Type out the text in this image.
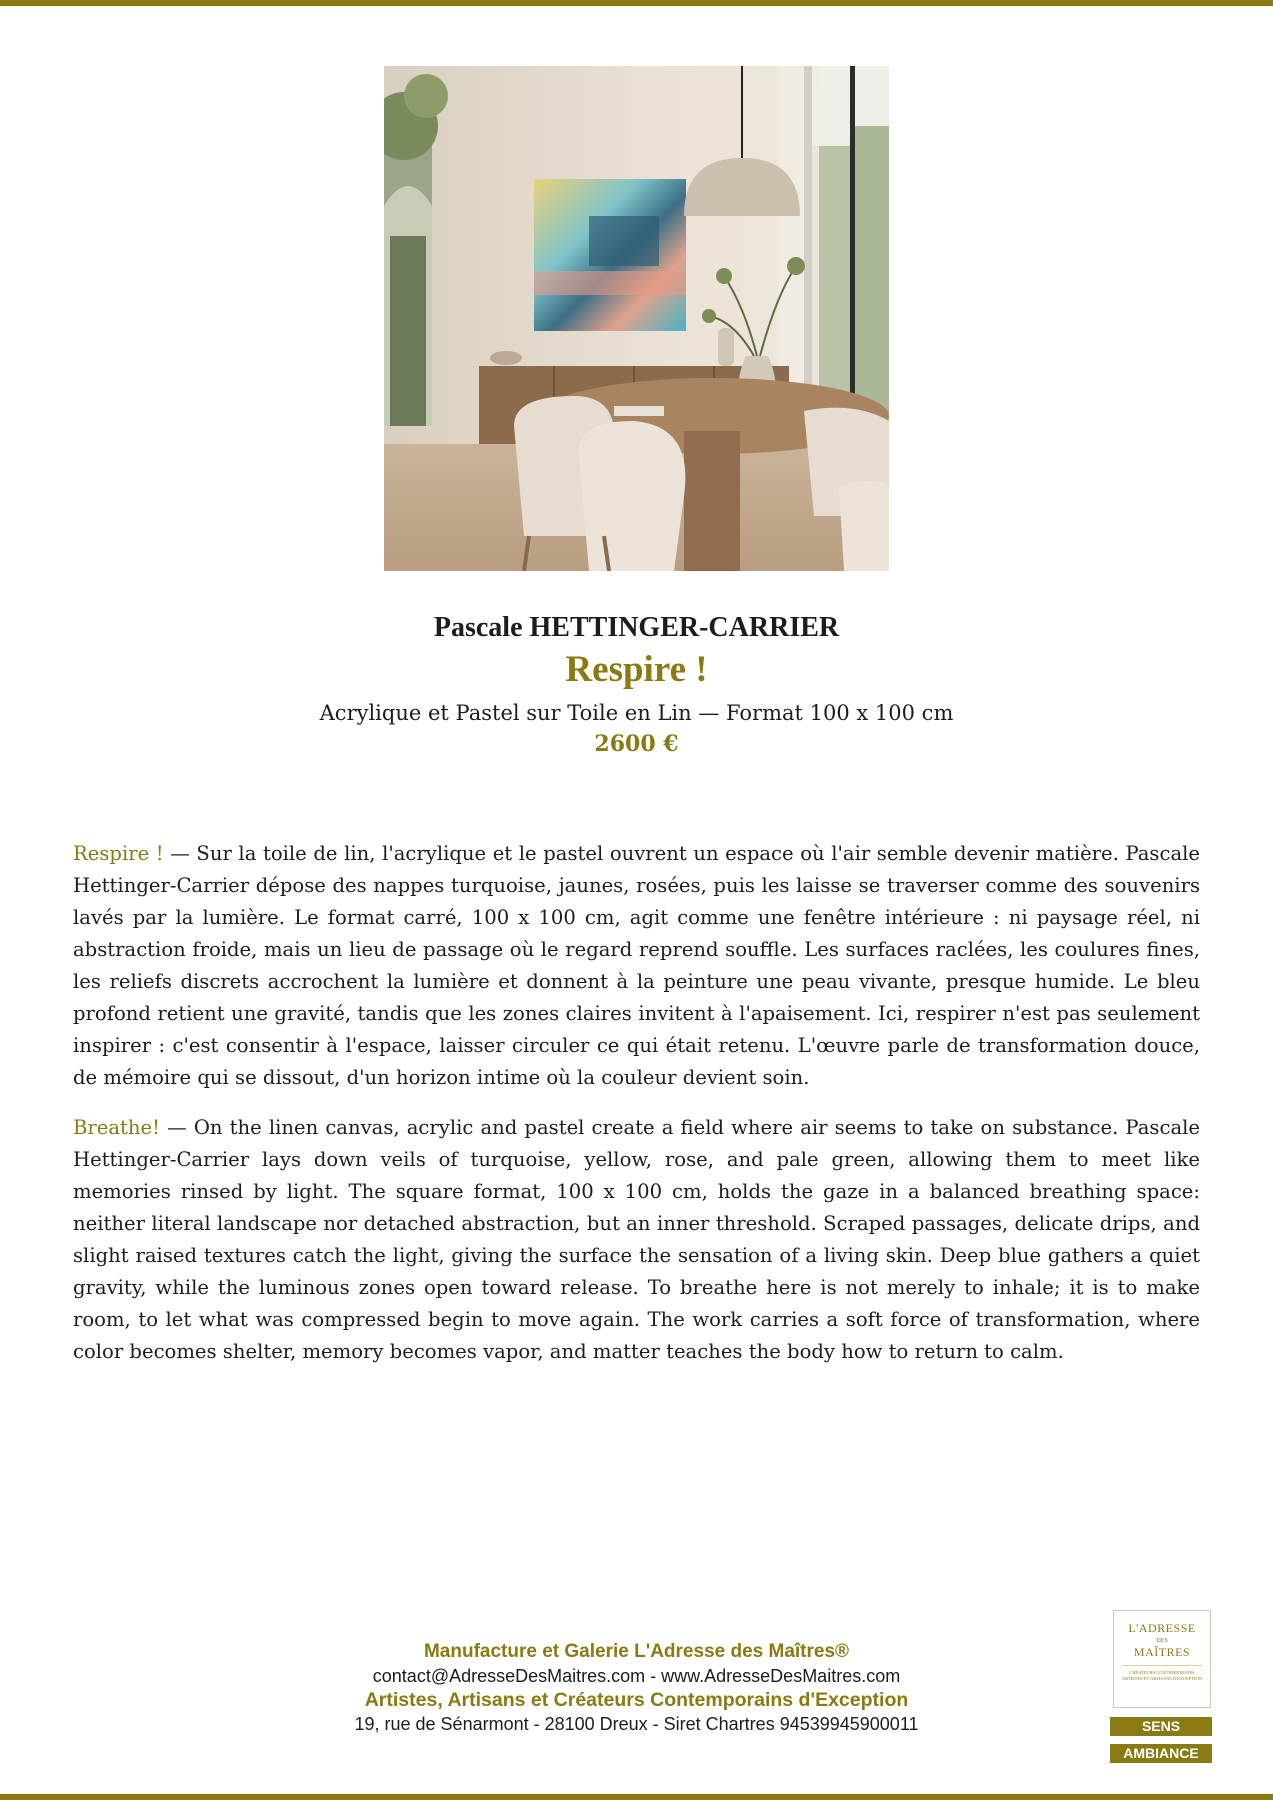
Pascale HETTINGER-CARRIER
Respire !
Acrylique et Pastel sur Toile en Lin — Format 100 x 100 cm
2600 €

Respire ! — Sur la toile de lin, l'acrylique et le pastel ouvrent un espace où l'air semble devenir matière. Pascale Hettinger-Carrier dépose des nappes turquoise, jaunes, rosées, puis les laisse se traverser comme des souvenirs lavés par la lumière. Le format carré, 100 x 100 cm, agit comme une fenêtre intérieure : ni paysage réel, ni abstraction froide, mais un lieu de passage où le regard reprend souffle. Les surfaces raclées, les coulures fines, les reliefs discrets accrochent la lumière et donnent à la peinture une peau vivante, presque humide. Le bleu profond retient une gravité, tandis que les zones claires invitent à l'apaisement. Ici, respirer n'est pas seulement inspirer : c'est consentir à l'espace, laisser circuler ce qui était retenu. L'œuvre parle de transformation douce, de mémoire qui se dissout, d'un horizon intime où la couleur devient soin.

Breathe! — On the linen canvas, acrylic and pastel create a field where air seems to take on substance. Pascale Hettinger-Carrier lays down veils of turquoise, yellow, rose, and pale green, allowing them to meet like memories rinsed by light. The square format, 100 x 100 cm, holds the gaze in a balanced breathing space: neither literal landscape nor detached abstraction, but an inner threshold. Scraped passages, delicate drips, and slight raised textures catch the light, giving the surface the sensation of a living skin. Deep blue gathers a quiet gravity, while the luminous zones open toward release. To breathe here is not merely to inhale; it is to make room, to let what was compressed begin to move again. The work carries a soft force of transformation, where color becomes shelter, memory becomes vapor, and matter teaches the body how to return to calm.

Manufacture et Galerie L'Adresse des Maîtres®
contact@AdresseDesMaitres.com - www.AdresseDesMaitres.com
Artistes, Artisans et Créateurs Contemporains d'Exception
19, rue de Sénarmont - 28100 Dreux - Siret Chartres 94539945900011
L'ADRESSE
DES
MAÎTRES
CRÉATEURS CONTEMPORAINS ARTISTES ET ARTISANS D'EXCEPTION
SENS
AMBIANCE
